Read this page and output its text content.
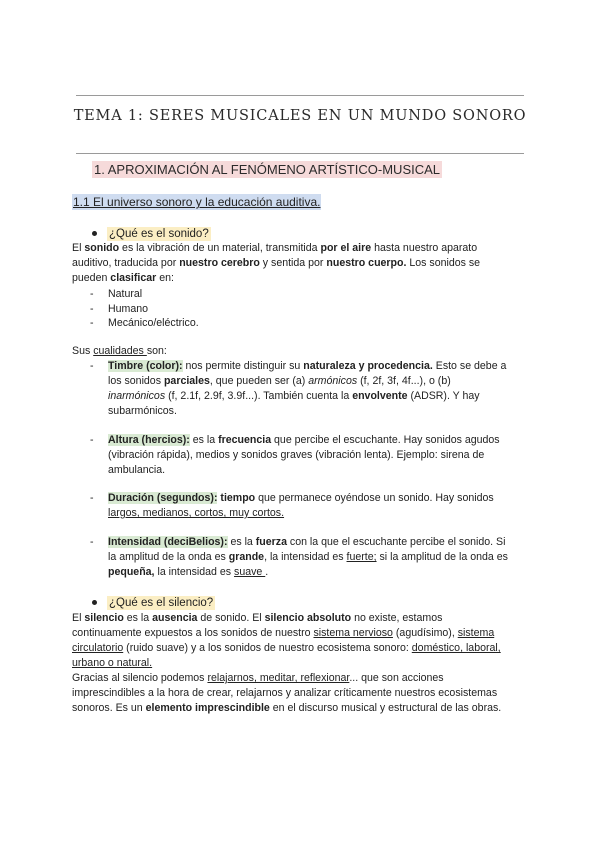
TEMA 1: SERES MUSICALES EN UN MUNDO SONORO
1. APROXIMACIÓN AL FENÓMENO ARTÍSTICO-MUSICAL
1.1 El universo sonoro y la educación auditiva.
¿Qué es el sonido?
El sonido es la vibración de un material, transmitida por el aire hasta nuestro aparato
auditivo, traducida por nuestro cerebro y sentida por nuestro cuerpo. Los sonidos se
pueden clasificar en:
- Natural
- Humano
- Mecánico/eléctrico.
Sus cualidades son:
- Timbre (color): nos permite distinguir su naturaleza y procedencia. Esto se debe a
los sonidos parciales, que pueden ser (a) armónicos (f, 2f, 3f, 4f...), o (b)
inarmónicos (f, 2.1f, 2.9f, 3.9f...). También cuenta la envolvente (ADSR). Y hay
subarmónicos.
- Altura (hercios): es la frecuencia que percibe el escuchante. Hay sonidos agudos
(vibración rápida), medios y sonidos graves (vibración lenta). Ejemplo: sirena de
ambulancia.
- Duración (segundos): tiempo que permanece oyéndose un sonido. Hay sonidos
largos, medianos, cortos, muy cortos.
- Intensidad (deciBelios): es la fuerza con la que el escuchante percibe el sonido. Si
la amplitud de la onda es grande, la intensidad es fuerte; si la amplitud de la onda es
pequeña, la intensidad es suave .
¿Qué es el silencio?
El silencio es la ausencia de sonido. El silencio absoluto no existe, estamos
continuamente expuestos a los sonidos de nuestro sistema nervioso (agudísimo), sistema
circulatorio (ruido suave) y a los sonidos de nuestro ecosistema sonoro: doméstico, laboral,
urbano o natural.
Gracias al silencio podemos relajarnos, meditar, reflexionar... que son acciones
imprescindibles a la hora de crear, relajarnos y analizar críticamente nuestros ecosistemas
sonoros. Es un elemento imprescindible en el discurso musical y estructural de las obras.
